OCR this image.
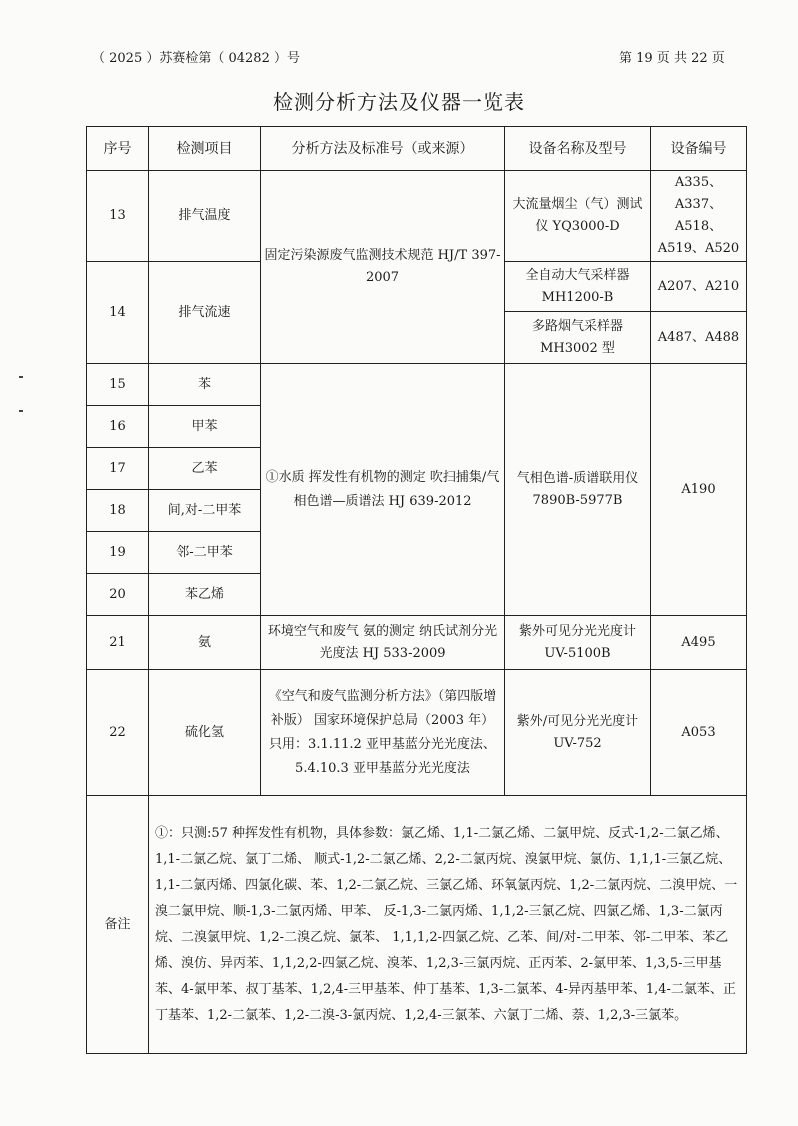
（ 2025 ）苏赛检第（ 04282 ）号	第 19 页 共 22 页
检测分析方法及仪器一览表
序号	检测项目	分析方法及标准号（或来源）	设备名称及型号	设备编号
13	排气温度	固定污染源废气监测技术规范 HJ/T 397-2007	大流量烟尘（气）测试仪 YQ3000-D	A335、A337、A518、A519、A520
14	排气流速		全自动大气采样器 MH1200-B	A207、A210
			多路烟气采样器 MH3002 型	A487、A488
15	苯	①水质 挥发性有机物的测定 吹扫捕集/气相色谱—质谱法 HJ 639-2012	气相色谱-质谱联用仪 7890B-5977B	A190
16	甲苯			
17	乙苯			
18	间,对-二甲苯			
19	邻-二甲苯			
20	苯乙烯			
21	氨	环境空气和废气 氨的测定 纳氏试剂分光光度法 HJ 533-2009	紫外可见分光光度计 UV-5100B	A495
22	硫化氢	《空气和废气监测分析方法》（第四版增补版） 国家环境保护总局（2003 年） 只用：3.1.11.2 亚甲基蓝分光光度法、5.4.10.3 亚甲基蓝分光光度法	紫外/可见分光光度计 UV-752	A053
备注	①：只测:57 种挥发性有机物，具体参数：氯乙烯、1,1-二氯乙烯、二氯甲烷、反式-1,2-二氯乙烯、1,1-二氯乙烷、氯丁二烯、 顺式-1,2-二氯乙烯、2,2-二氯丙烷、溴氯甲烷、氯仿、1,1,1-三氯乙烷、1,1-二氯丙烯、四氯化碳、苯、1,2-二氯乙烷、三氯乙烯、环氧氯丙烷、1,2-二氯丙烷、二溴甲烷、一溴二氯甲烷、顺-1,3-二氯丙烯、甲苯、 反-1,3-二氯丙烯、1,1,2-三氯乙烷、四氯乙烯、1,3-二氯丙烷、二溴氯甲烷、1,2-二溴乙烷、氯苯、 1,1,1,2-四氯乙烷、乙苯、间/对-二甲苯、邻-二甲苯、苯乙烯、溴仿、异丙苯、1,1,2,2-四氯乙烷、溴苯、1,2,3-三氯丙烷、正丙苯、2-氯甲苯、1,3,5-三甲基苯、4-氯甲苯、叔丁基苯、1,2,4-三甲基苯、仲丁基苯、1,3-二氯苯、4-异丙基甲苯、1,4-二氯苯、正丁基苯、1,2-二氯苯、1,2-二溴-3-氯丙烷、1,2,4-三氯苯、六氯丁二烯、萘、1,2,3-三氯苯。			
